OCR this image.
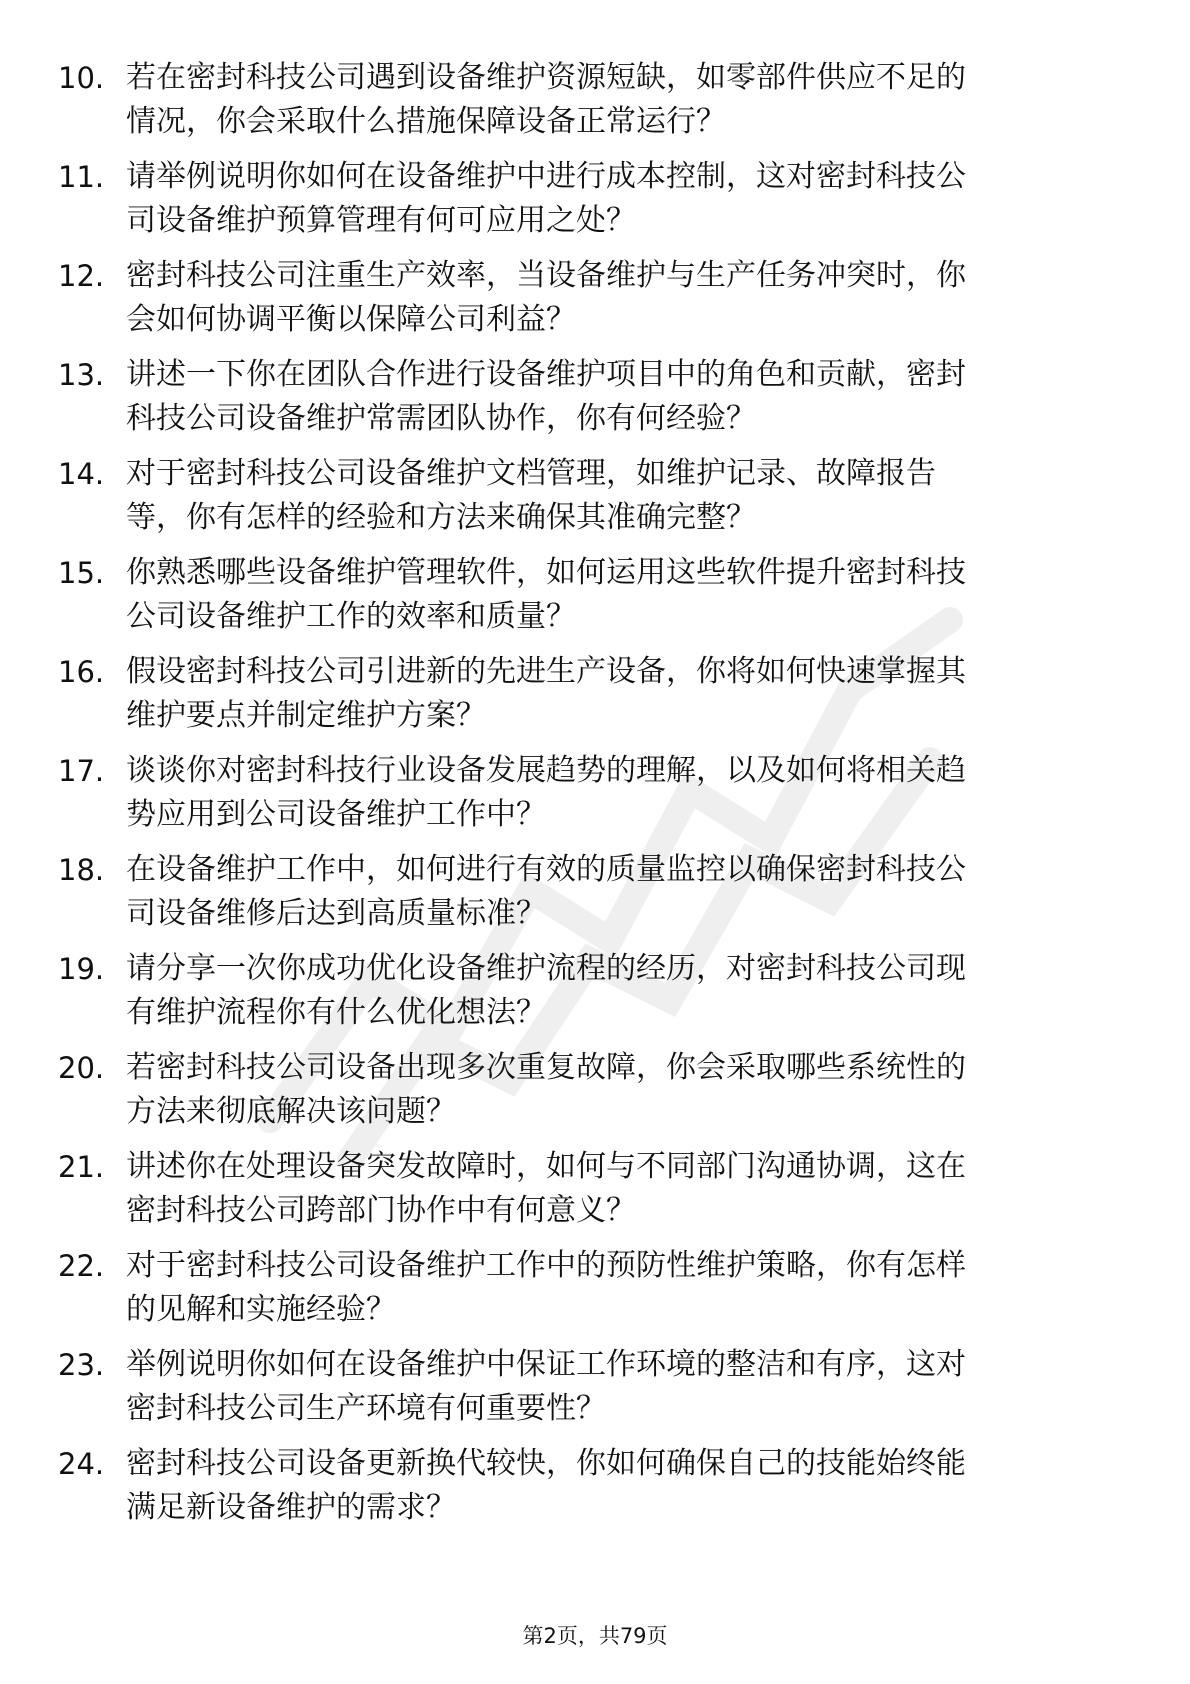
10. 若在密封科技公司遇到设备维护资源短缺，如零部件供应不足的
情况，你会采取什么措施保障设备正常运行？
11. 请举例说明你如何在设备维护中进行成本控制，这对密封科技公
司设备维护预算管理有何可应用之处？
12. 密封科技公司注重生产效率，当设备维护与生产任务冲突时，你
会如何协调平衡以保障公司利益？
13. 讲述一下你在团队合作进行设备维护项目中的角色和贡献，密封
科技公司设备维护常需团队协作，你有何经验？
14. 对于密封科技公司设备维护文档管理，如维护记录、故障报告
等，你有怎样的经验和方法来确保其准确完整？
15. 你熟悉哪些设备维护管理软件，如何运用这些软件提升密封科技
公司设备维护工作的效率和质量？
16. 假设密封科技公司引进新的先进生产设备，你将如何快速掌握其
维护要点并制定维护方案？
17. 谈谈你对密封科技行业设备发展趋势的理解，以及如何将相关趋
势应用到公司设备维护工作中？
18. 在设备维护工作中，如何进行有效的质量监控以确保密封科技公
司设备维修后达到高质量标准？
19. 请分享一次你成功优化设备维护流程的经历，对密封科技公司现
有维护流程你有什么优化想法？
20. 若密封科技公司设备出现多次重复故障，你会采取哪些系统性的
方法来彻底解决该问题？
21. 讲述你在处理设备突发故障时，如何与不同部门沟通协调，这在
密封科技公司跨部门协作中有何意义？
22. 对于密封科技公司设备维护工作中的预防性维护策略，你有怎样
的见解和实施经验？
23. 举例说明你如何在设备维护中保证工作环境的整洁和有序，这对
密封科技公司生产环境有何重要性？
24. 密封科技公司设备更新换代较快，你如何确保自己的技能始终能
满足新设备维护的需求？
第2页，共79页
